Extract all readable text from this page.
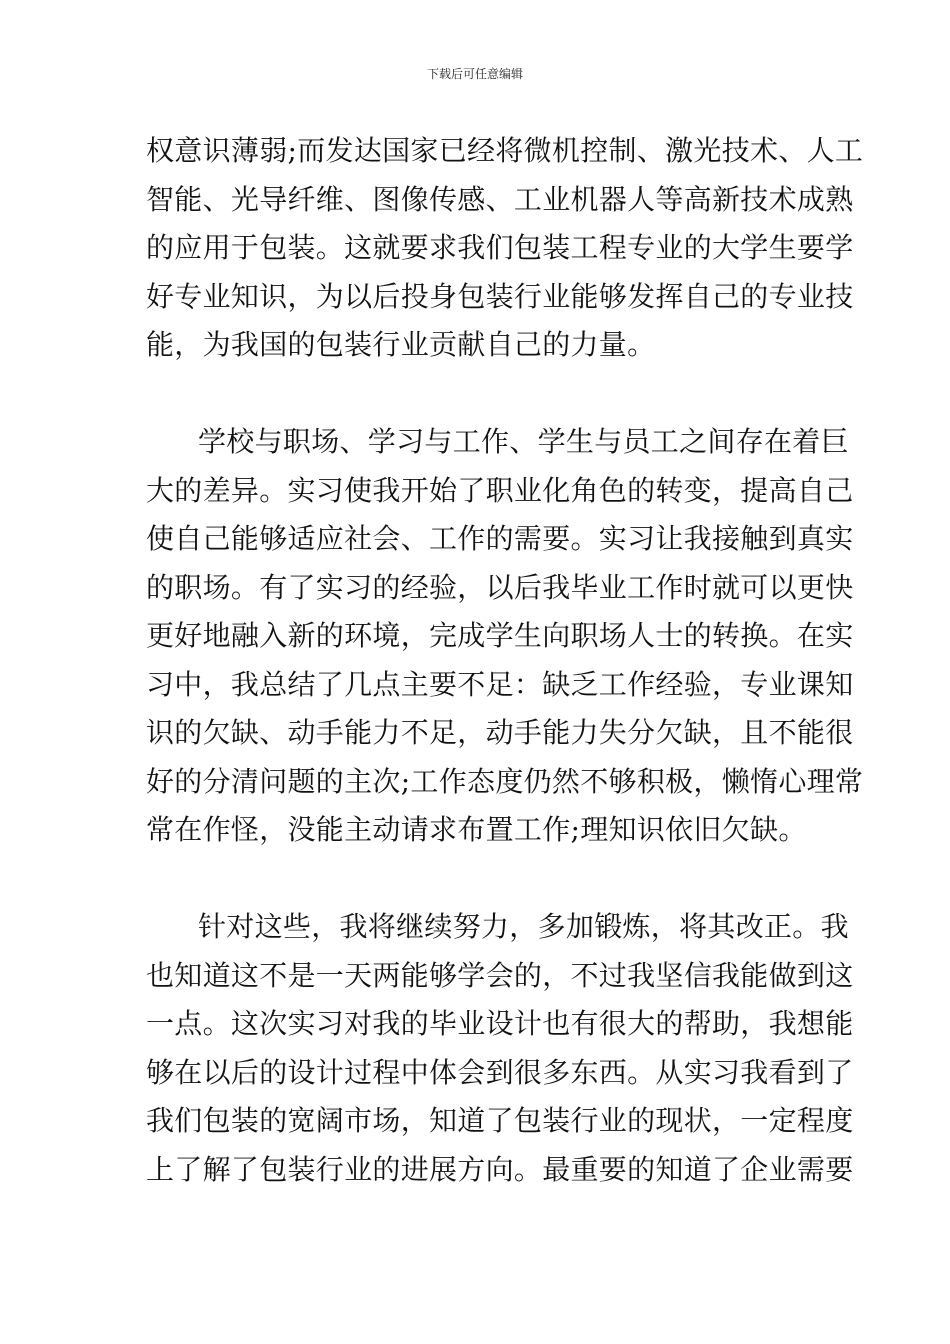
下载后可任意编辑
权意识薄弱;而发达国家已经将微机控制、激光技术、人工
智能、光导纤维、图像传感、工业机器人等高新技术成熟
的应用于包装。这就要求我们包装工程专业的大学生要学
好专业知识，为以后投身包装行业能够发挥自己的专业技
能，为我国的包装行业贡献自己的力量。
学校与职场、学习与工作、学生与员工之间存在着巨
大的差异。实习使我开始了职业化角色的转变，提高自己
使自己能够适应社会、工作的需要。实习让我接触到真实
的职场。有了实习的经验，以后我毕业工作时就可以更快
更好地融入新的环境，完成学生向职场人士的转换。在实
习中，我总结了几点主要不足：缺乏工作经验，专业课知
识的欠缺、动手能力不足，动手能力失分欠缺，且不能很
好的分清问题的主次;工作态度仍然不够积极，懒惰心理常
常在作怪，没能主动请求布置工作;理知识依旧欠缺。
针对这些，我将继续努力，多加锻炼，将其改正。我
也知道这不是一天两能够学会的，不过我坚信我能做到这
一点。这次实习对我的毕业设计也有很大的帮助，我想能
够在以后的设计过程中体会到很多东西。从实习我看到了
我们包装的宽阔市场，知道了包装行业的现状，一定程度
上了解了包装行业的进展方向。最重要的知道了企业需要
